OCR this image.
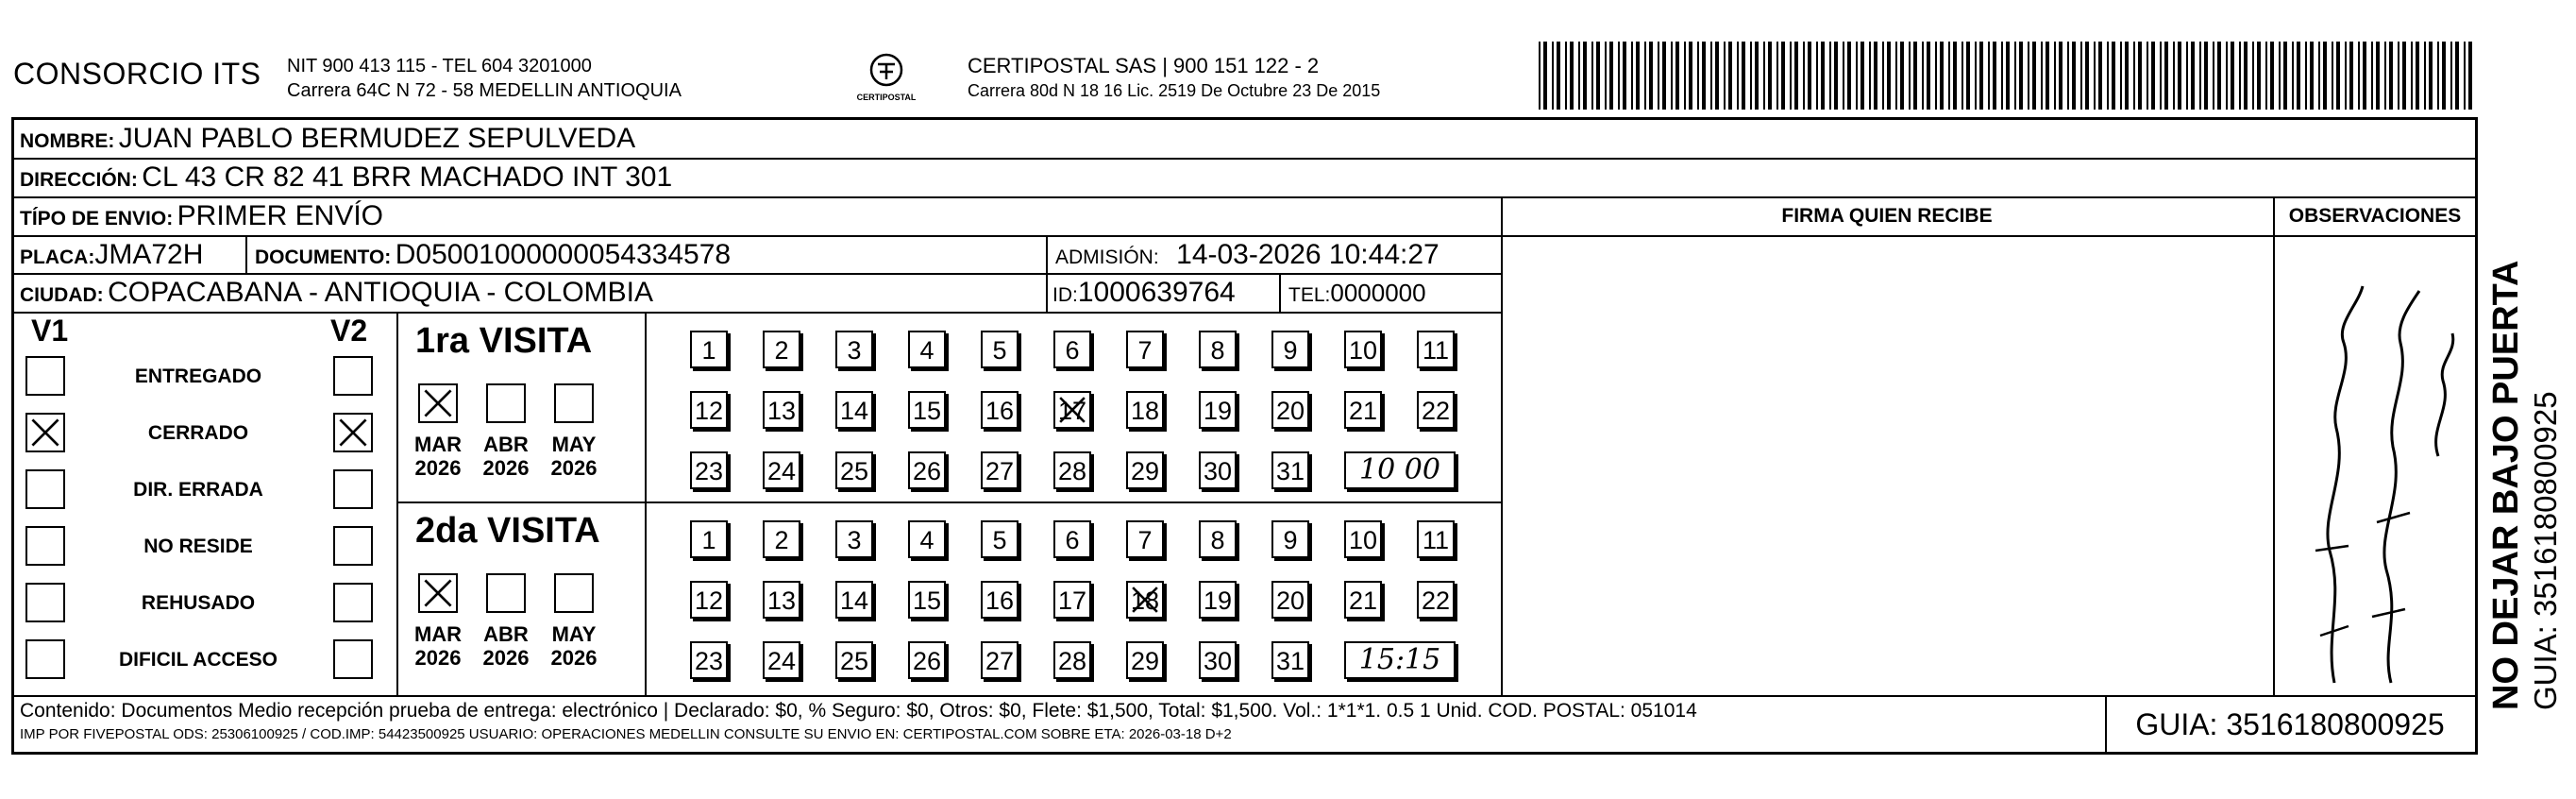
CONSORCIO ITS NIT 900 413 115 - TEL 604 3201000
Carrera 64C N 72 - 58 MEDELLIN ANTIOQUIA	CERTIPOSTAL
CERTIPOSTAL SAS | 900 151 122 - 2
Carrera 80d N 18 16 Lic. 2519 De Octubre 23 De 2015
NOMBRE: JUAN PABLO BERMUDEZ SEPULVEDA
DIRECCIÓN: CL 43 CR 82 41 BRR MACHADO INT 301
TÍPO DE ENVIO: PRIMER ENVÍO	FIRMA QUIEN RECIBE	OBSERVACIONES
PLACA:JMA72H	DOCUMENTO: D05001000000054334578	ADMISIÓN: 14-03-2026 10:44:27
CIUDAD: COPACABANA - ANTIOQUIA - COLOMBIA	ID:1000639764	TEL:0000000
V1	V2
ENTREGADO
CERRADO
DIR. ERRADA
NO RESIDE
REHUSADO
DIFICIL ACCESO
1ra VISITA
MAR
2026
ABR
2026
MAY
2026
1	2	3	4	5	6	7	8	9	10 11
12 13 14 15 16 17 18 19 20 21 22
23 24 25 26 27 28 29 30 31	10 00
2da VISITA
MAR
2026
ABR
2026
MAY
2026
1	2	3	4	5	6	7	8	9	10 11
12 13 14 15 16 17 18 19 20 21 22
23 24 25 26 27 28 29 30 31	15:15
Contenido: Documentos Medio recepción prueba de entrega: electrónico | Declarado: $0, % Seguro: $0, Otros: $0, Flete: $1,500, Total: $1,500. Vol.: 1*1*1. 0.5 1 Unid. COD. POSTAL: 051014
IMP POR FIVEPOSTAL ODS: 25306100925 / COD.IMP: 54423500925 USUARIO: OPERACIONES MEDELLIN CONSULTE SU ENVIO EN: CERTIPOSTAL.COM SOBRE ETA: 2026-03-18 D+2	GUIA: 3516180800925
NO DEJAR BAJO PUERTA GUIA: 3516180800925
